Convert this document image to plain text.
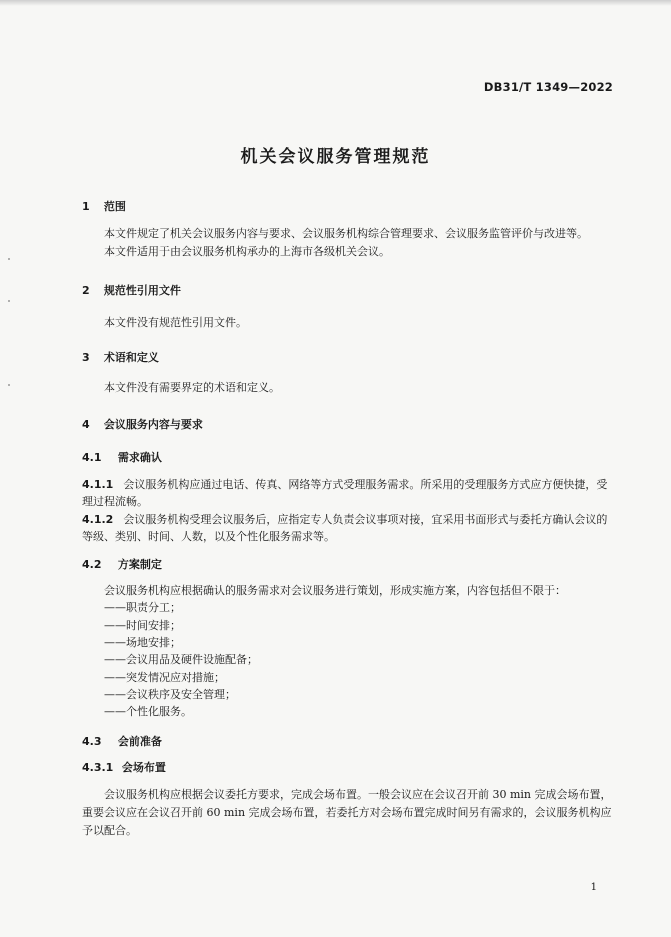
DB31/T 1349—2022
机关会议服务管理规范
1 范围
本文件规定了机关会议服务内容与要求、会议服务机构综合管理要求、会议服务监管评价与改进等。
本文件适用于由会议服务机构承办的上海市各级机关会议。
2 规范性引用文件
本文件没有规范性引用文件。
3 术语和定义
本文件没有需要界定的术语和定义。
4 会议服务内容与要求
4.1 需求确认
4.1.1 会议服务机构应通过电话、传真、网络等方式受理服务需求。所采用的受理服务方式应方便快捷，受理过程流畅。
4.1.2 会议服务机构受理会议服务后，应指定专人负责会议事项对接，宜采用书面形式与委托方确认会议的等级、类别、时间、人数，以及个性化服务需求等。
4.2 方案制定
会议服务机构应根据确认的服务需求对会议服务进行策划，形成实施方案，内容包括但不限于：
——职责分工；
——时间安排；
——场地安排；
——会议用品及硬件设施配备；
——突发情况应对措施；
——会议秩序及安全管理；
——个性化服务。
4.3 会前准备
4.3.1 会场布置
会议服务机构应根据会议委托方要求，完成会场布置。一般会议应在会议召开前 30 min 完成会场布置，重要会议应在会议召开前 60 min 完成会场布置，若委托方对会场布置完成时间另有需求的，会议服务机构应予以配合。
1
